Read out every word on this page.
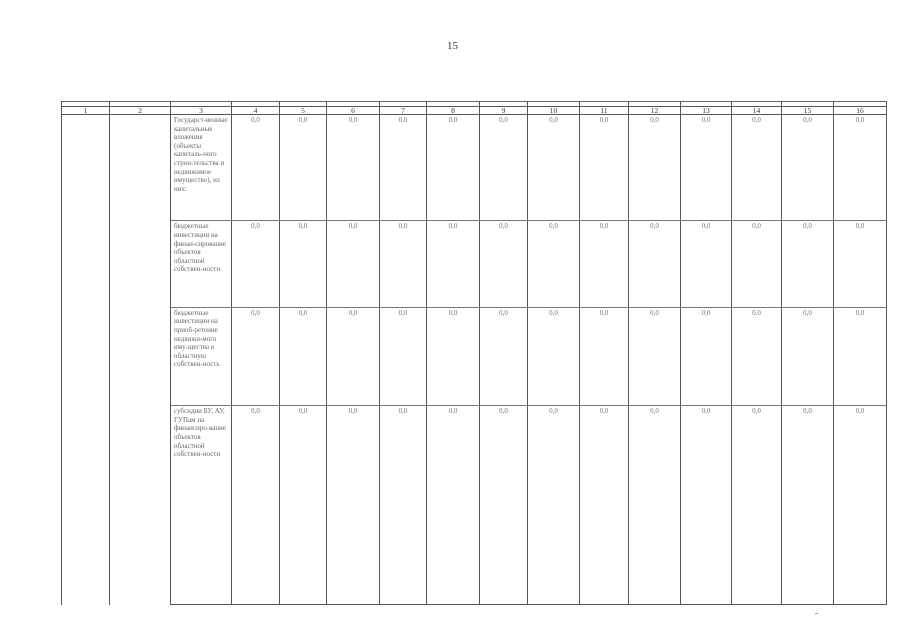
15

1	2	3	4	5	6	7	8	9	10	11	12	13	14	15	16
		Государст-венные капитальные вложения (объекты капиталь-ного строи-тельства и недвижимое имущество), из них:	0,0	0,0	0,0	0,0	0,0	0,0	0,0	0,0	0,0	0,0	0,0	0,0	0,0
		бюджетные инвестиции на финан-сирование объектов областной собствен-ности	0,0	0,0	0,0	0,0	0,0	0,0	0,0	0,0	0,0	0,0	0,0	0,0	0,0
		бюджетные инвестиции на приоб-ретение недвижи-мого иму-щества в областную собствен-ность	0,0	0,0	0,0	0,0	0,0	0,0	0,0	0,0	0,0	0,0	0,0	0,0	0,0
		субсидии БУ, АУ, ГУПам на финансиро-вание объектов областной собствен-ности	0,0	0,0	0,0	0,0	0,0	0,0	0,0	0,0	0,0	0,0	0,0	0,0	0,0
